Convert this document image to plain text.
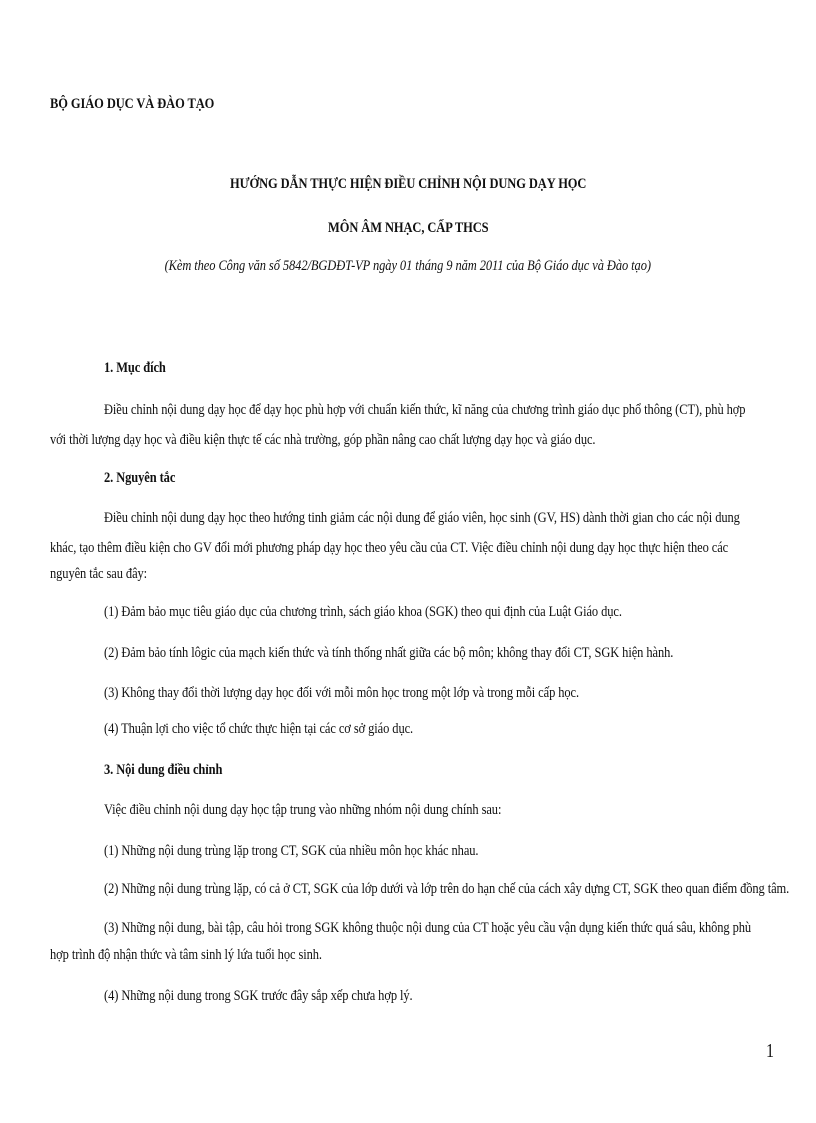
BỘ GIÁO DỤC VÀ ĐÀO TẠO
HƯỚNG DẪN THỰC HIỆN ĐIỀU CHỈNH NỘI DUNG DẠY HỌC
MÔN ÂM NHẠC, CẤP THCS
(Kèm theo Công văn số 5842/BGDĐT-VP ngày 01 tháng 9 năm 2011 của Bộ Giáo dục và Đào tạo)
1. Mục đích
Điều chỉnh nội dung dạy học để dạy học phù hợp với chuẩn kiến thức, kĩ năng của chương trình giáo dục phổ thông (CT), phù hợp
với thời lượng dạy học và điều kiện thực tế các nhà trường, góp phần nâng cao chất lượng dạy học và giáo dục.
2. Nguyên tắc
Điều chỉnh nội dung dạy học theo hướng tinh giảm các nội dung để giáo viên, học sinh (GV, HS) dành thời gian cho các nội dung
khác, tạo thêm điều kiện cho GV đổi mới phương pháp dạy học theo yêu cầu của CT. Việc điều chỉnh nội dung dạy học thực hiện theo các
nguyên tắc sau đây:
(1) Đảm bảo mục tiêu giáo dục của chương trình, sách giáo khoa (SGK) theo qui định của Luật Giáo dục.
(2) Đảm bảo tính lôgic của mạch kiến thức và tính thống nhất giữa các bộ môn; không thay đổi CT, SGK hiện hành.
(3) Không thay đổi thời lượng dạy học đối với mỗi môn học trong một lớp và trong mỗi cấp học.
(4) Thuận lợi cho việc tổ chức thực hiện tại các cơ sở giáo dục.
3. Nội dung điều chỉnh
Việc điều chỉnh nội dung dạy học tập trung vào những nhóm nội dung chính sau:
(1) Những nội dung trùng lặp trong CT, SGK của nhiều môn học khác nhau.
(2) Những nội dung trùng lặp, có cả ở CT, SGK của lớp dưới và lớp trên do hạn chế của cách xây dựng CT, SGK theo quan điểm đồng tâm.
(3) Những nội dung, bài tập, câu hỏi trong SGK không thuộc nội dung của CT hoặc yêu cầu vận dụng kiến thức quá sâu, không phù
hợp trình độ nhận thức và tâm sinh lý lứa tuổi học sinh.
(4) Những nội dung trong SGK trước đây sắp xếp chưa hợp lý.
1
